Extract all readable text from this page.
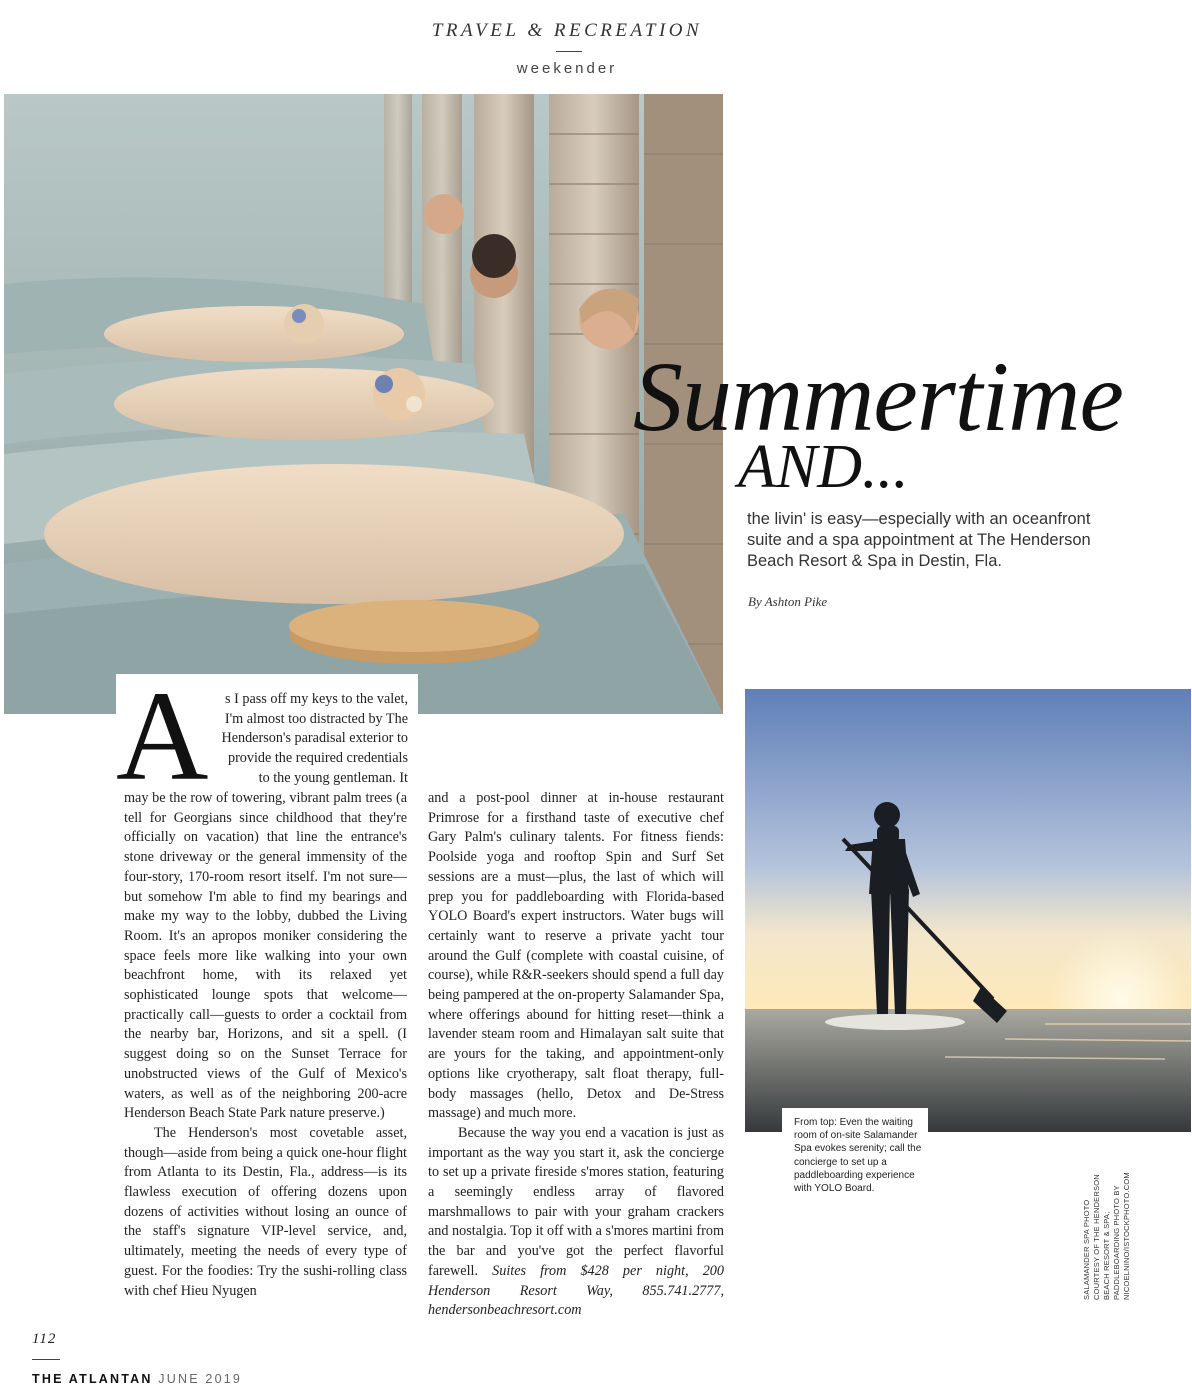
TRAVEL & RECREATION
weekender
Summertime
AND...
the livin' is easy—especially with an oceanfront suite and a spa appointment at The Henderson Beach Resort & Spa in Destin, Fla.
By Ashton Pike
From top: Even the waiting room of on-site Salamander Spa evokes serenity; call the concierge to set up a paddleboarding experience with YOLO Board.
SALAMANDER SPA PHOTO COURTESY OF THE HENDERSON BEACH RESORT & SPA; PADDLEBOARDING PHOTO BY NICOELNINO/ISTOCKPHOTO.COM
A	s I pass off my keys to the valet,
I'm almost too distracted by The
Henderson's paradisal exterior to
provide the required credentials
to the young gentleman. It

may be the row of towering, vibrant palm trees (a tell for Georgians since childhood that they're officially on vacation) that line the entrance's stone driveway or the general immensity of the four-story, 170-room resort itself. I'm not sure—but somehow I'm able to find my bearings and make my way to the lobby, dubbed the Living Room. It's an apropos moniker considering the space feels more like walking into your own beachfront home, with its relaxed yet sophisticated lounge spots that welcome—practically call—guests to order a cocktail from the nearby bar, Horizons, and sit a spell. (I suggest doing so on the Sunset Terrace for unobstructed views of the Gulf of Mexico's waters, as well as of the neighboring 200-acre Henderson Beach State Park nature preserve.)

The Henderson's most covetable asset, though—aside from being a quick one-hour flight from Atlanta to its Destin, Fla., address—is its flawless execution of offering dozens upon dozens of activities without losing an ounce of the staff's signature VIP-level service, and, ultimately, meeting the needs of every type of guest. For the foodies: Try the sushi-rolling class with chef Hieu Nyugen

and a post-pool dinner at in-house restaurant Primrose for a firsthand taste of executive chef Gary Palm's culinary talents. For fitness fiends: Poolside yoga and rooftop Spin and Surf Set sessions are a must—plus, the last of which will prep you for paddleboarding with Florida-based YOLO Board's expert instructors. Water bugs will certainly want to reserve a private yacht tour around the Gulf (complete with coastal cuisine, of course), while R&R-seekers should spend a full day being pampered at the on-property Salamander Spa, where offerings abound for hitting reset—think a lavender steam room and Himalayan salt suite that are yours for the taking, and appointment-only options like cryotherapy, salt float therapy, full-body massages (hello, Detox and De-Stress massage) and much more.

Because the way you end a vacation is just as important as the way you start it, ask the concierge to set up a private fireside s'mores station, featuring a seemingly endless array of flavored marshmallows to pair with your graham crackers and nostalgia. Top it off with a s'mores martini from the bar and you've got the perfect flavorful farewell. Suites from $428 per night, 200 Henderson Resort Way, 855.741.2777, hendersonbeachresort.com

112
THE ATLANTAN JUNE 2019
